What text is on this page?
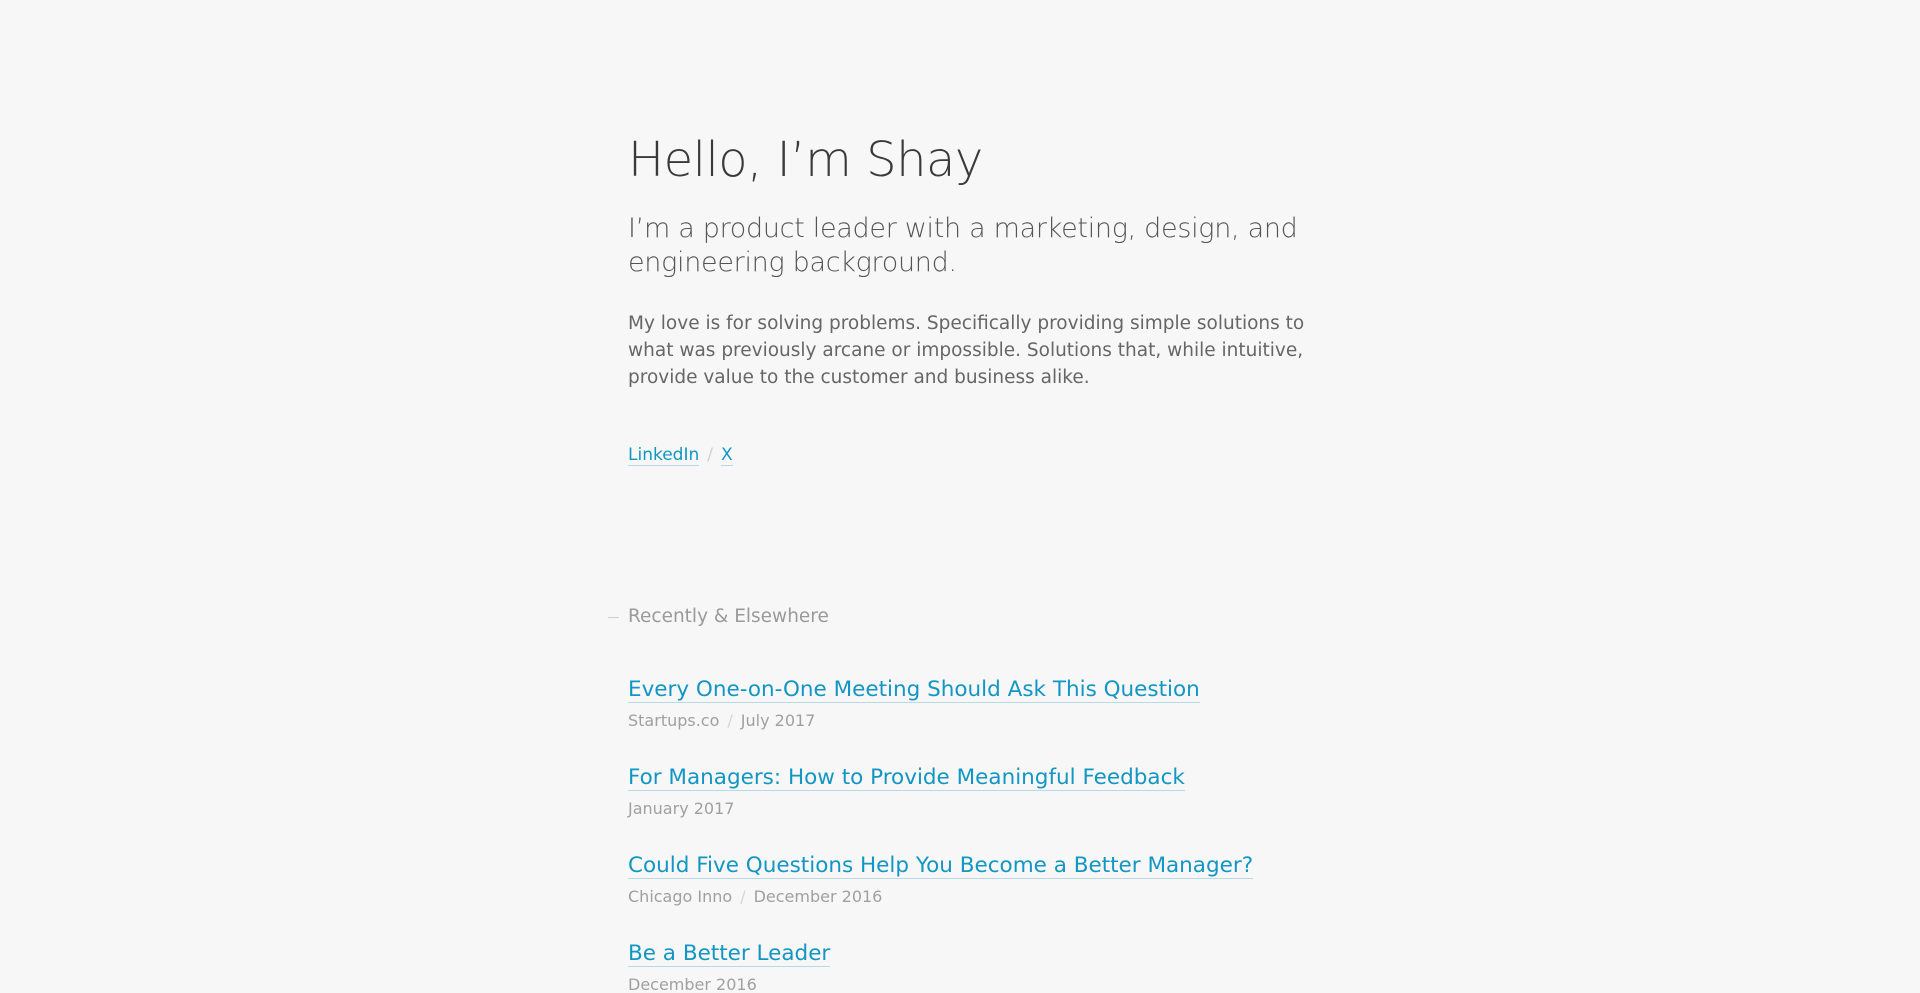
Hello, I’m Shay

I’m a product leader with a marketing, design, and engineering background.

My love is for solving problems. Specifically providing simple solutions to what was previously arcane or impossible. Solutions that, while intuitive, provide value to the customer and business alike.

LinkedIn / X
Recently & Elsewhere
Every One-on-One Meeting Should Ask This Question
Startups.co / July 2017
For Managers: How to Provide Meaningful Feedback
January 2017
Could Five Questions Help You Become a Better Manager?
Chicago Inno / December 2016
Be a Better Leader
December 2016
